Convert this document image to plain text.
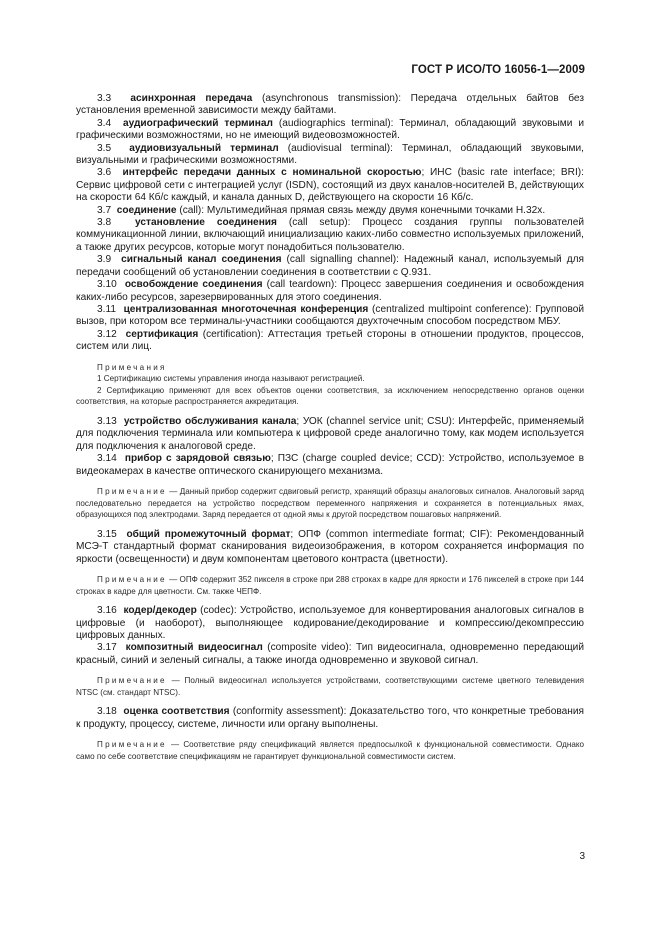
ГОСТ Р ИСО/ТО 16056-1—2009

3.3 асинхронная передача (asynchronous transmission): Передача отдельных байтов без установления временной зависимости между байтами.

3.4 аудиографический терминал (audiographics terminal): Терминал, обладающий звуковыми и графическими возможностями, но не имеющий видеовозможностей.

3.5 аудиовизуальный терминал (audiovisual terminal): Терминал, обладающий звуковыми, визуальными и графическими возможностями.

3.6 интерфейс передачи данных с номинальной скоростью; ИНС (basic rate interface; BRI): Сервис цифровой сети с интеграцией услуг (ISDN), состоящий из двух каналов-носителей B, действующих на скорости 64 Кб/с каждый, и канала данных D, действующего на скорости 16 Кб/с.

3.7 соединение (call): Мультимедийная прямая связь между двумя конечными точками H.32x.

3.8 установление соединения (call setup): Процесс создания группы пользователей коммуникационной линии, включающий инициализацию каких-либо совместно используемых приложений, а также других ресурсов, которые могут понадобиться пользователю.

3.9 сигнальный канал соединения (call signalling channel): Надежный канал, используемый для передачи сообщений об установлении соединения в соответствии с Q.931.

3.10 освобождение соединения (call teardown): Процесс завершения соединения и освобождения каких-либо ресурсов, зарезервированных для этого соединения.

3.11 централизованная многоточечная конференция (centralized multipoint conference): Групповой вызов, при котором все терминалы-участники сообщаются двухточечным способом посредством МБУ.

3.12 сертификация (certification): Аттестация третьей стороны в отношении продуктов, процессов, систем или лиц.

Примечания
1 Сертификацию системы управления иногда называют регистрацией.
2 Сертификацию применяют для всех объектов оценки соответствия, за исключением непосредственно органов оценки соответствия, на которые распространяется аккредитация.

3.13 устройство обслуживания канала; УОК (channel service unit; CSU): Интерфейс, применяемый для подключения терминала или компьютера к цифровой среде аналогично тому, как модем используется для подключения к аналоговой среде.

3.14 прибор с зарядовой связью; ПЗС (charge coupled device; CCD): Устройство, используемое в видеокамерах в качестве оптического сканирующего механизма.

Примечание — Данный прибор содержит сдвиговый регистр, хранящий образцы аналоговых сигналов. Аналоговый заряд последовательно передается на устройство посредством переменного напряжения и сохраняется в потенциальных ямах, образующихся под электродами. Заряд передается от одной ямы к другой посредством пошаговых напряжений.

3.15 общий промежуточный формат; ОПФ (common intermediate format; CIF): Рекомендованный МСЭ-Т стандартный формат сканирования видеоизображения, в котором сохраняется информация по яркости (освещенности) и двум компонентам цветового контраста (цветности).

Примечание — ОПФ содержит 352 пикселя в строке при 288 строках в кадре для яркости и 176 пикселей в строке при 144 строках в кадре для цветности. См. также ЧЕПФ.

3.16 кодер/декодер (codec): Устройство, используемое для конвертирования аналоговых сигналов в цифровые (и наоборот), выполняющее кодирование/декодирование и компрессию/декомпрессию цифровых данных.

3.17 композитный видеосигнал (composite video): Тип видеосигнала, одновременно передающий красный, синий и зеленый сигналы, а также иногда одновременно и звуковой сигнал.

Примечание — Полный видеосигнал используется устройствами, соответствующими системе цветного телевидения NTSC (см. стандарт NTSC).

3.18 оценка соответствия (conformity assessment): Доказательство того, что конкретные требования к продукту, процессу, системе, личности или органу выполнены.

Примечание — Соответствие ряду спецификаций является предпосылкой к функциональной совместимости. Однако само по себе соответствие спецификациям не гарантирует функциональной совместимости систем.
3
